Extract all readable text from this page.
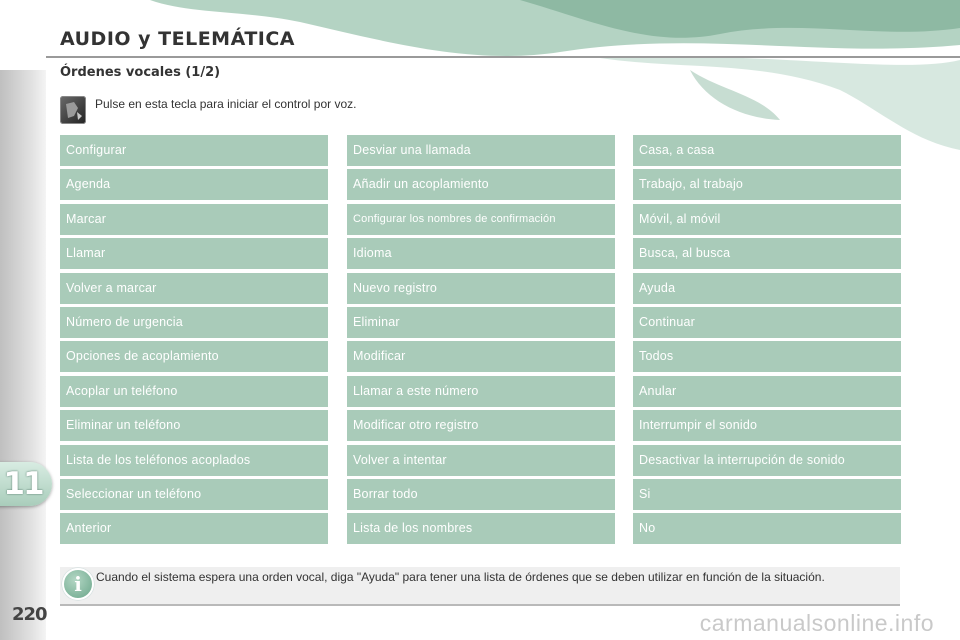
AUDIO y TELEMÁTICA
Órdenes vocales (1/2)
Pulse en esta tecla para iniciar el control por voz.
Configurar
Agenda
Marcar
Llamar
Volver a marcar
Número de urgencia
Opciones de acoplamiento
Acoplar un teléfono
Eliminar un teléfono
Lista de los teléfonos acoplados
Seleccionar un teléfono
Anterior
Desviar una llamada
Añadir un acoplamiento
Configurar los nombres de confirmación
Idioma
Nuevo registro
Eliminar
Modificar
Llamar a este número
Modificar otro registro
Volver a intentar
Borrar todo
Lista de los nombres
Casa, a casa
Trabajo, al trabajo
Móvil, al móvil
Busca, al busca
Ayuda
Continuar
Todos
Anular
Interrumpir el sonido
Desactivar la interrupción de sonido
Si
No
i	Cuando el sistema espera una orden vocal, diga "Ayuda" para tener una lista de órdenes que se deben utilizar en función de la situación.
11
220	carmanualsonline.info
